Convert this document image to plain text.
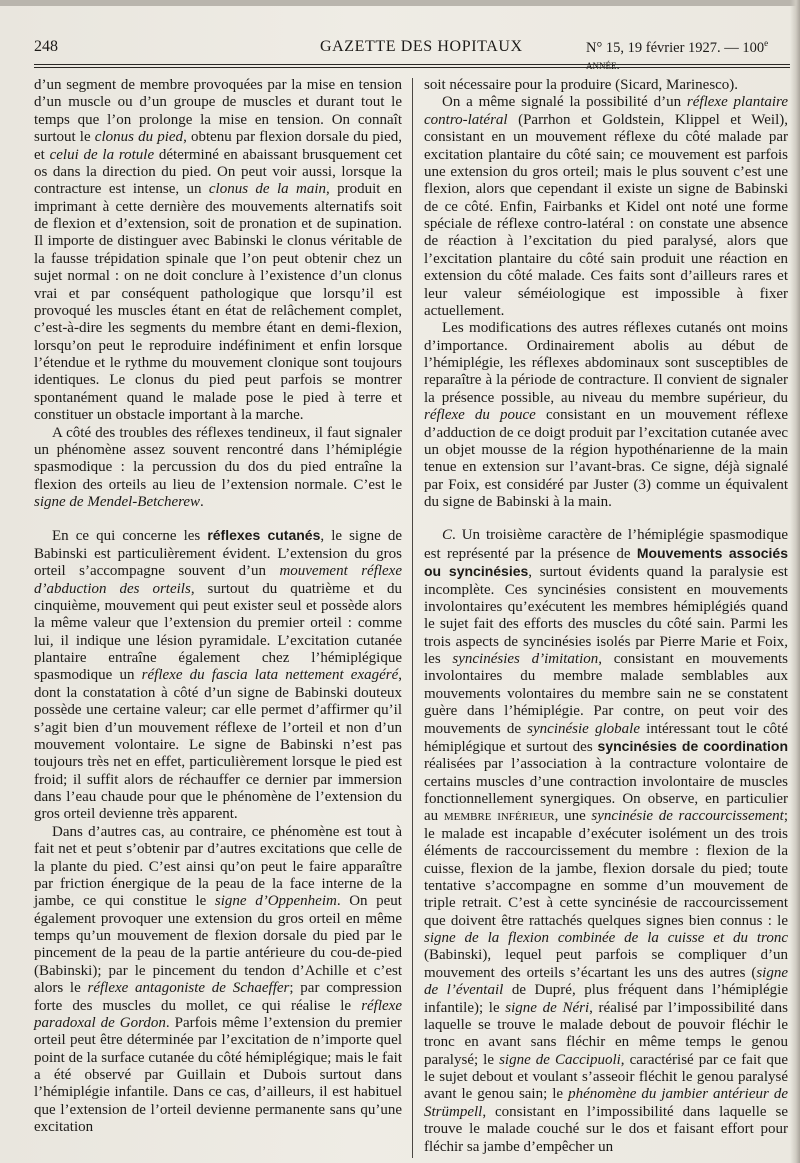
248	GAZETTE DES HOPITAUX	N° 15, 19 février 1927. — 100e

d’un segment de membre provoquées par la mise en tension d’un muscle ou d’un groupe de muscles et durant tout le temps que l’on prolonge la mise en tension. On connaît surtout le clonus du pied, obtenu par flexion dorsale du pied, et celui de la rotule déterminé en abaissant brusquement cet os dans la direction du pied. On peut voir aussi, lorsque la contracture est intense, un clonus de la main, produit en imprimant à cette dernière des mouvements alternatifs soit de flexion et d’extension, soit de pronation et de supination. Il importe de distinguer avec Babinski le clonus véritable de la fausse trépidation spinale que l’on peut obtenir chez un sujet normal : on ne doit conclure à l’existence d’un clonus vrai et par conséquent pathologique que lorsqu’il est provoqué les muscles étant en état de relâchement complet, c’est-à-dire les segments du membre étant en demi-flexion, lorsqu’on peut le reproduire indéfiniment et enfin lorsque l’étendue et le rythme du mouvement clonique sont toujours identiques. Le clonus du pied peut parfois se montrer spontanément quand le malade pose le pied à terre et constituer un obstacle important à la marche.

A côté des troubles des réflexes tendineux, il faut signaler un phénomène assez souvent rencontré dans l’hémiplégie spasmodique : la percussion du dos du pied entraîne la flexion des orteils au lieu de l’extension normale. C’est le signe de Mendel-Betcherew.

En ce qui concerne les réflexes cutanés, le signe de Babinski est particulièrement évident. L’extension du gros orteil s’accompagne souvent d’un mouvement réflexe d’abduction des orteils, surtout du quatrième et du cinquième, mouvement qui peut exister seul et possède alors la même valeur que l’extension du premier orteil : comme lui, il indique une lésion pyramidale. L’excitation cutanée plantaire entraîne également chez l’hémiplégique spasmodique un réflexe du fascia lata nettement exagéré, dont la constatation à côté d’un signe de Babinski douteux possède une certaine valeur; car elle permet d’affirmer qu’il s’agit bien d’un mouvement réflexe de l’orteil et non d’un mouvement volontaire. Le signe de Babinski n’est pas toujours très net en effet, particulièrement lorsque le pied est froid; il suffit alors de réchauffer ce dernier par immersion dans l’eau chaude pour que le phénomène de l’extension du gros orteil devienne très apparent.

Dans d’autres cas, au contraire, ce phénomène est tout à fait net et peut s’obtenir par d’autres excitations que celle de la plante du pied. C’est ainsi qu’on peut le faire apparaître par friction énergique de la peau de la face interne de la jambe, ce qui constitue le signe d’Oppenheim. On peut également provoquer une extension du gros orteil en même temps qu’un mouvement de flexion dorsale du pied par le pincement de la peau de la partie antérieure du cou-de-pied (Babinski); par le pincement du tendon d’Achille et c’est alors le réflexe antagoniste de Schaeffer; par compression forte des muscles du mollet, ce qui réalise le réflexe paradoxal de Gordon. Parfois même l’extension du premier orteil peut être déterminée par l’excitation de n’importe quel point de la surface cutanée du côté hémiplégique; mais le fait a été observé par Guillain et Dubois surtout dans l’hémiplégie infantile. Dans ce cas, d’ailleurs, il est habituel que l’extension de l’orteil devienne permanente sans qu’une excitation

soit nécessaire pour la produire (Sicard, Marinesco).

On a même signalé la possibilité d’un réflexe plantaire contro-latéral (Parrhon et Goldstein, Klippel et Weil), consistant en un mouvement réflexe du côté malade par excitation plantaire du côté sain; ce mouvement est parfois une extension du gros orteil; mais le plus souvent c’est une flexion, alors que cependant il existe un signe de Babinski de ce côté. Enfin, Fairbanks et Kidel ont noté une forme spéciale de réflexe contro-latéral : on constate une absence de réaction à l’excitation du pied paralysé, alors que l’excitation plantaire du côté sain produit une réaction en extension du côté malade. Ces faits sont d’ailleurs rares et leur valeur séméiologique est impossible à fixer actuellement.

Les modifications des autres réflexes cutanés ont moins d’importance. Ordinairement abolis au début de l’hémiplégie, les réflexes abdominaux sont susceptibles de reparaître à la période de contracture. Il convient de signaler la présence possible, au niveau du membre supérieur, du réflexe du pouce consistant en un mouvement réflexe d’adduction de ce doigt produit par l’excitation cutanée avec un objet mousse de la région hypothénarienne de la main tenue en extension sur l’avant-bras. Ce signe, déjà signalé par Foix, est considéré par Juster (3) comme un équivalent du signe de Babinski à la main.

C. Un troisième caractère de l’hémiplégie spasmodique est représenté par la présence de Mouvements associés ou syncinésies, surtout évidents quand la paralysie est incomplète. Ces syncinésies consistent en mouvements involontaires qu’exécutent les membres hémiplégiés quand le sujet fait des efforts des muscles du côté sain. Parmi les trois aspects de syncinésies isolés par Pierre Marie et Foix, les syncinésies d’imitation, consistant en mouvements involontaires du membre malade semblables aux mouvements volontaires du membre sain ne se constatent guère dans l’hémiplégie. Par contre, on peut voir des mouvements de syncinésie globale intéressant tout le côté hémiplégique et surtout des syncinésies de coordination réalisées par l’association à la contracture volontaire de certains muscles d’une contraction involontaire de muscles fonctionnellement synergiques. On observe, en particulier au membre inférieur, une syncinésie de raccourcissement; le malade est incapable d’exécuter isolément un des trois éléments de raccourcissement du membre : flexion de la cuisse, flexion de la jambe, flexion dorsale du pied; toute tentative s’accompagne en somme d’un mouvement de triple retrait. C’est à cette syncinésie de raccourcissement que doivent être rattachés quelques signes bien connus : le signe de la flexion combinée de la cuisse et du tronc (Babinski), lequel peut parfois se compliquer d’un mouvement des orteils s’écartant les uns des autres (signe de l’éventail de Dupré, plus fréquent dans l’hémiplégie infantile); le signe de Néri, réalisé par l’impossibilité dans laquelle se trouve le malade debout de pouvoir fléchir le tronc en avant sans fléchir en même temps le genou paralysé; le signe de Caccipuoli, caractérisé par ce fait que le sujet debout et voulant s’asseoir fléchit le genou paralysé avant le genou sain; le phénomène du jambier antérieur de Strümpell, consistant en l’impossibilité dans laquelle se trouve le malade couché sur le dos et faisant effort pour fléchir sa jambe d’empêcher un
